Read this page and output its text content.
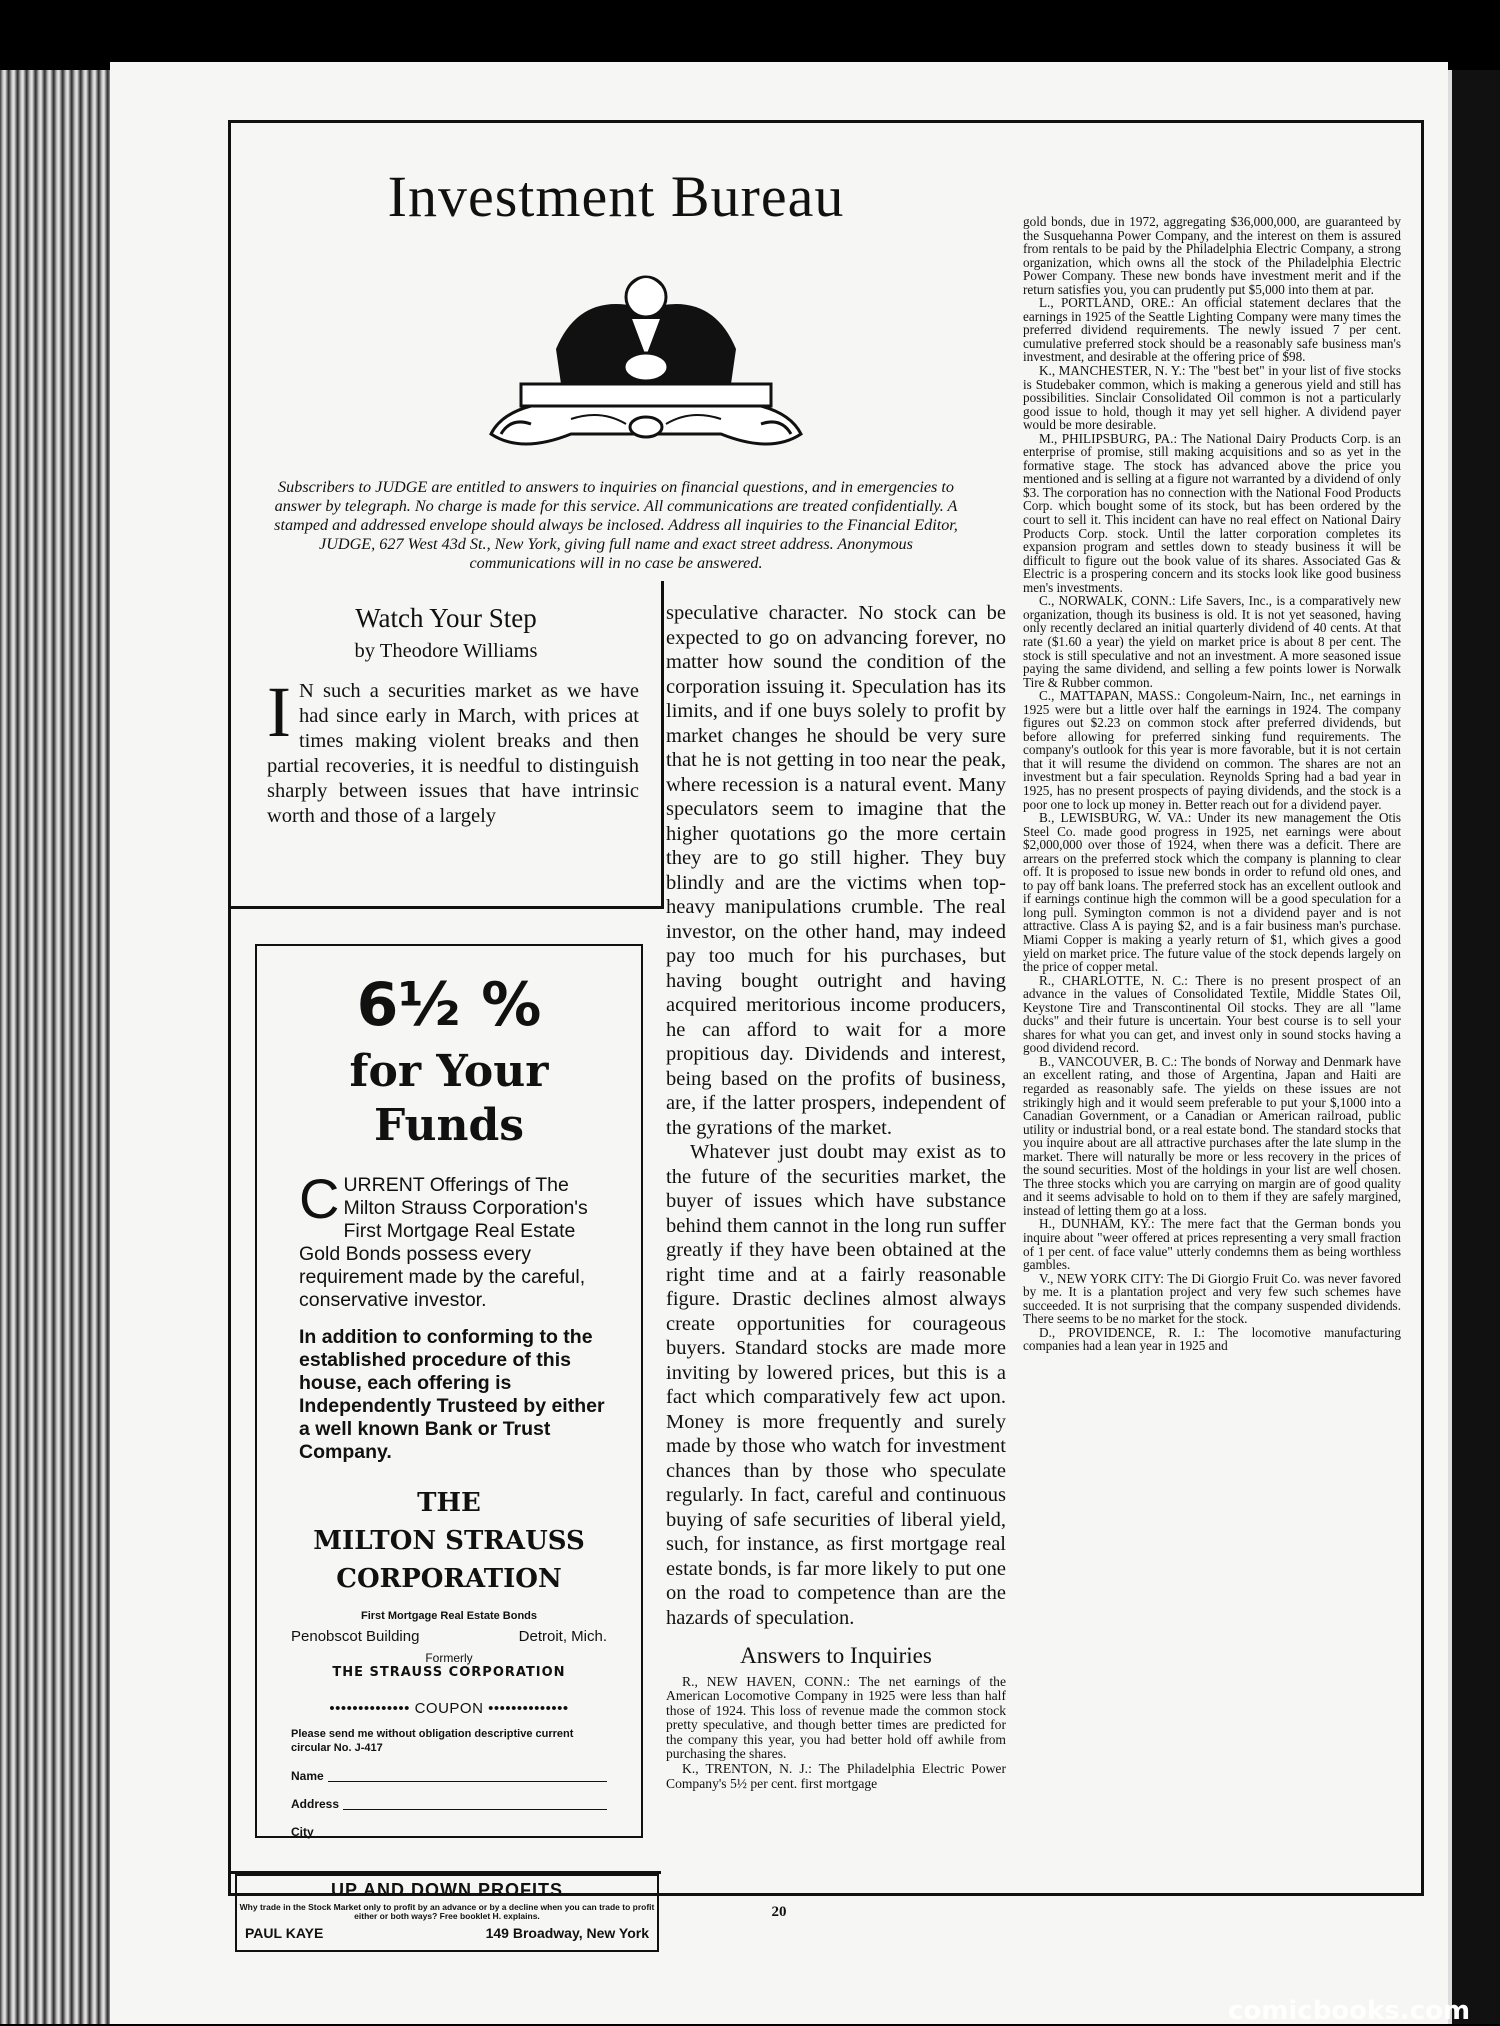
Investment Bureau
Subscribers to JUDGE are entitled to answers to inquiries on financial questions, and in emergencies to answer by telegraph. No charge is made for this service. All communications are treated confidentially. A stamped and addressed envelope should always be inclosed. Address all inquiries to the Financial Editor, JUDGE, 627 West 43d St., New York, giving full name and exact street address. Anonymous communications will in no case be answered.
Watch Your Step
by Theodore Williams
I N such a securities market as we have had since early in March, with prices at times making violent breaks and then partial recoveries, it is needful to distinguish sharply between issues that have intrinsic worth and those of a largely

speculative character. No stock can be expected to go on advancing forever, no matter how sound the condition of the corporation issuing it. Speculation has its limits, and if one buys solely to profit by market changes he should be very sure that he is not getting in too near the peak, where recession is a natural event. Many speculators seem to imagine that the higher quotations go the more certain they are to go still higher. They buy blindly and are the victims when top-heavy manipulations crumble. The real investor, on the other hand, may indeed pay too much for his purchases, but having bought outright and having acquired meritorious income producers, he can afford to wait for a more propitious day. Dividends and interest, being based on the profits of business, are, if the latter prospers, independent of the gyrations of the market.

Whatever just doubt may exist as to the future of the securities market, the buyer of issues which have substance behind them cannot in the long run suffer greatly if they have been obtained at the right time and at a fairly reasonable figure. Drastic declines almost always create opportunities for courageous buyers. Standard stocks are made more inviting by lowered prices, but this is a fact which comparatively few act upon. Money is more frequently and surely made by those who watch for investment chances than by those who speculate regularly. In fact, careful and continuous buying of safe securities of liberal yield, such, for instance, as first mortgage real estate bonds, is far more likely to put one on the road to competence than are the hazards of speculation.

Answers to Inquiries

R., NEW HAVEN, CONN.: The net earnings of the American Locomotive Company in 1925 were less than half those of 1924. This loss of revenue made the common stock pretty speculative, and though better times are predicted for the company this year, you had better hold off awhile from purchasing the shares.

K., TRENTON, N. J.: The Philadelphia Electric Power Company's 5½ per cent. first mortgage

gold bonds, due in 1972, aggregating $36,000,000, are guaranteed by the Susquehanna Power Company, and the interest on them is assured from rentals to be paid by the Philadelphia Electric Company, a strong organization, which owns all the stock of the Philadelphia Electric Power Company. These new bonds have investment merit and if the return satisfies you, you can prudently put $5,000 into them at par.

L., PORTLAND, ORE.: An official statement declares that the earnings in 1925 of the Seattle Lighting Company were many times the preferred dividend requirements. The newly issued 7 per cent. cumulative preferred stock should be a reasonably safe business man's investment, and desirable at the offering price of $98.

K., MANCHESTER, N. Y.: The "best bet" in your list of five stocks is Studebaker common, which is making a generous yield and still has possibilities. Sinclair Consolidated Oil common is not a particularly good issue to hold, though it may yet sell higher. A dividend payer would be more desirable.

M., PHILIPSBURG, PA.: The National Dairy Products Corp. is an enterprise of promise, still making acquisitions and so as yet in the formative stage. The stock has advanced above the price you mentioned and is selling at a figure not warranted by a dividend of only $3. The corporation has no connection with the National Food Products Corp. which bought some of its stock, but has been ordered by the court to sell it. This incident can have no real effect on National Dairy Products Corp. stock. Until the latter corporation completes its expansion program and settles down to steady business it will be difficult to figure out the book value of its shares. Associated Gas & Electric is a prospering concern and its stocks look like good business men's investments.

C., NORWALK, CONN.: Life Savers, Inc., is a comparatively new organization, though its business is old. It is not yet seasoned, having only recently declared an initial quarterly dividend of 40 cents. At that rate ($1.60 a year) the yield on market price is about 8 per cent. The stock is still speculative and not an investment. A more seasoned issue paying the same dividend, and selling a few points lower is Norwalk Tire & Rubber common.

C., MATTAPAN, MASS.: Congoleum-Nairn, Inc., net earnings in 1925 were but a little over half the earnings in 1924. The company figures out $2.23 on common stock after preferred dividends, but before allowing for preferred sinking fund requirements. The company's outlook for this year is more favorable, but it is not certain that it will resume the dividend on common. The shares are not an investment but a fair speculation. Reynolds Spring had a bad year in 1925, has no present prospects of paying dividends, and the stock is a poor one to lock up money in. Better reach out for a dividend payer.

B., LEWISBURG, W. VA.: Under its new management the Otis Steel Co. made good progress in 1925, net earnings were about $2,000,000 over those of 1924, when there was a deficit. There are arrears on the preferred stock which the company is planning to clear off. It is proposed to issue new bonds in order to refund old ones, and to pay off bank loans. The preferred stock has an excellent outlook and if earnings continue high the common will be a good speculation for a long pull. Symington common is not a dividend payer and is not attractive. Class A is paying $2, and is a fair business man's purchase. Miami Copper is making a yearly return of $1, which gives a good yield on market price. The future value of the stock depends largely on the price of copper metal.

R., CHARLOTTE, N. C.: There is no present prospect of an advance in the values of Consolidated Textile, Middle States Oil, Keystone Tire and Transcontinental Oil stocks. They are all "lame ducks" and their future is uncertain. Your best course is to sell your shares for what you can get, and invest only in sound stocks having a good dividend record.

B., VANCOUVER, B. C.: The bonds of Norway and Denmark have an excellent rating, and those of Argentina, Japan and Haiti are regarded as reasonably safe. The yields on these issues are not strikingly high and it would seem preferable to put your $,1000 into a Canadian Government, or a Canadian or American railroad, public utility or industrial bond, or a real estate bond. The standard stocks that you inquire about are all attractive purchases after the late slump in the market. There will naturally be more or less recovery in the prices of the sound securities. Most of the holdings in your list are well chosen. The three stocks which you are carrying on margin are of good quality and it seems advisable to hold on to them if they are safely margined, instead of letting them go at a loss.

H., DUNHAM, KY.: The mere fact that the German bonds you inquire about "weer offered at prices representing a very small fraction of 1 per cent. of face value" utterly condemns them as being worthless gambles.

V., NEW YORK CITY: The Di Giorgio Fruit Co. was never favored by me. It is a plantation project and very few such schemes have succeeded. It is not surprising that the company suspended dividends. There seems to be no market for the stock.

D., PROVIDENCE, R. I.: The locomotive manufacturing companies had a lean year in 1925 and

6½ %
for Your
Funds
C URRENT Offerings of The Milton Strauss Corporation's First Mortgage Real Estate Gold Bonds possess every requirement made by the careful, conservative investor.
In addition to conforming to the established procedure of this house, each offering is Independently Trusteed by either a well known Bank or Trust Company.
THE
MILTON STRAUSS
CORPORATION
First Mortgage Real Estate Bonds
Penobscot Building	Detroit, Mich.
Formerly
THE STRAUSS CORPORATION
•••••••••••••• COUPON ••••••••••••••
Please send me without obligation descriptive current circular No. J-417
Name
Address
City
UP AND DOWN PROFITS
Why trade in the Stock Market only to profit by an advance or by a decline when you can trade to profit either or both ways? Free booklet H. explains.
PAUL KAYE	149 Broadway, New York
20
comicbooks.com
